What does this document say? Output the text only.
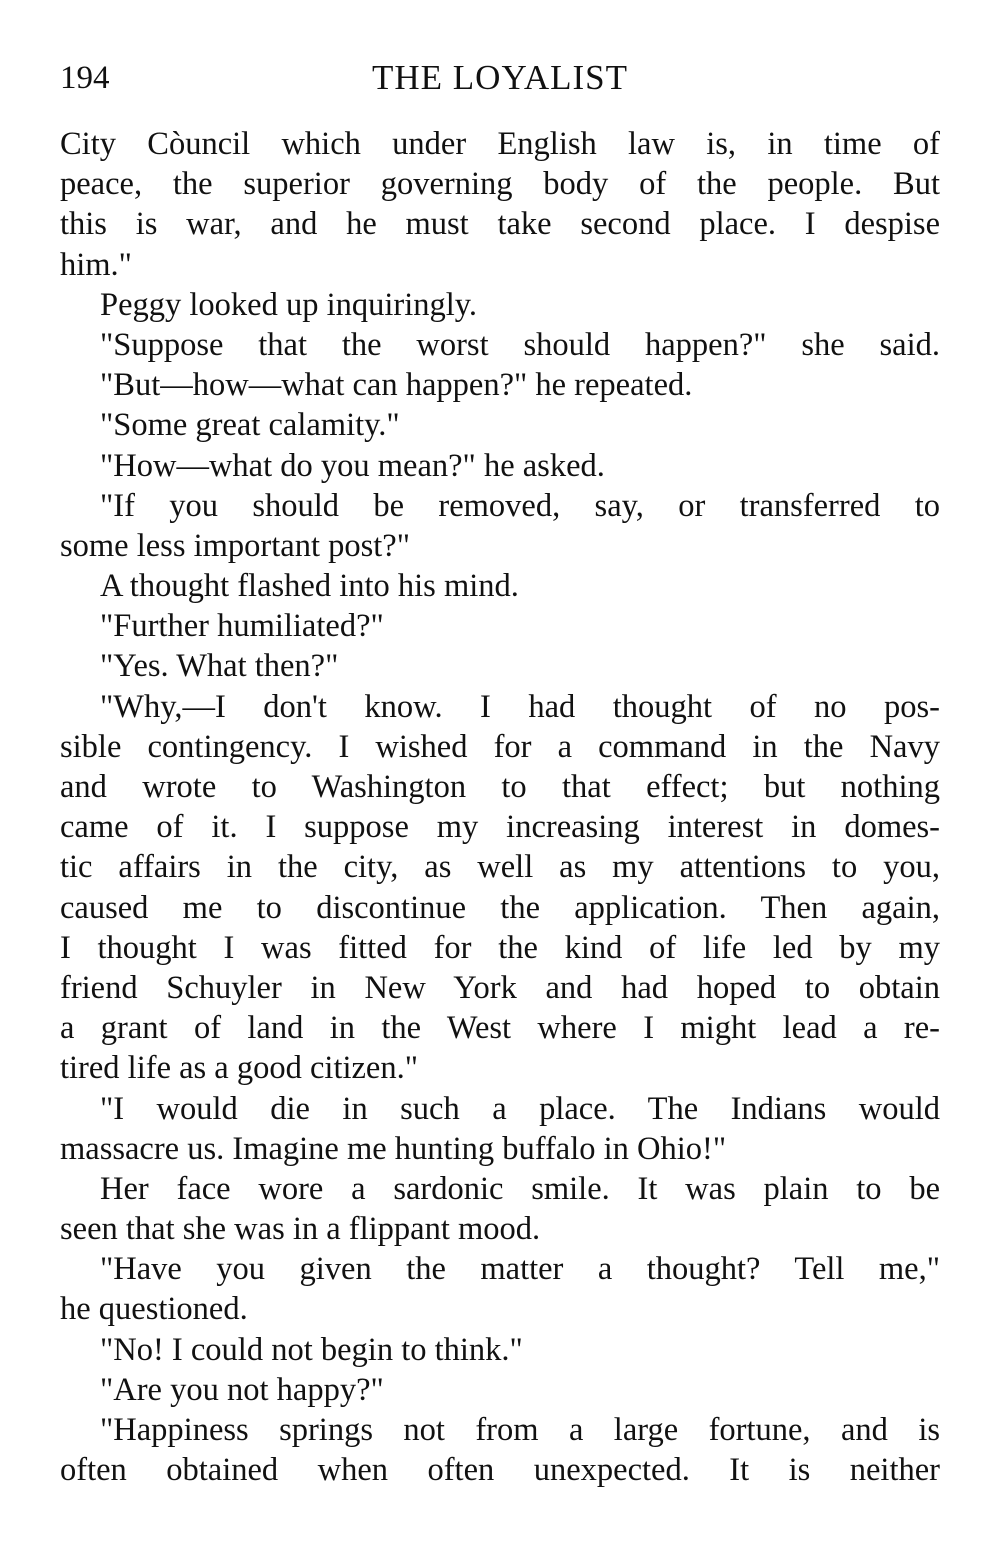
194	THE LOYALIST
City Còuncil which under English law is, in time of
peace, the superior governing body of the people. But
this is war, and he must take second place. I despise
him."
Peggy looked up inquiringly.
"Suppose that the worst should happen?" she said.
"But—how—what can happen?" he repeated.
"Some great calamity."
"How—what do you mean?" he asked.
"If you should be removed, say, or transferred to
some less important post?"
A thought flashed into his mind.
"Further humiliated?"
"Yes. What then?"
"Why,—I don't know. I had thought of no pos-
sible contingency. I wished for a command in the Navy
and wrote to Washington to that effect; but nothing
came of it. I suppose my increasing interest in domes-
tic affairs in the city, as well as my attentions to you,
caused me to discontinue the application. Then again,
I thought I was fitted for the kind of life led by my
friend Schuyler in New York and had hoped to obtain
a grant of land in the West where I might lead a re-
tired life as a good citizen."
"I would die in such a place. The Indians would
massacre us. Imagine me hunting buffalo in Ohio!"
Her face wore a sardonic smile. It was plain to be
seen that she was in a flippant mood.
"Have you given the matter a thought? Tell me,"
he questioned.
"No! I could not begin to think."
"Are you not happy?"
"Happiness springs not from a large fortune, and is
often obtained when often unexpected. It is neither
